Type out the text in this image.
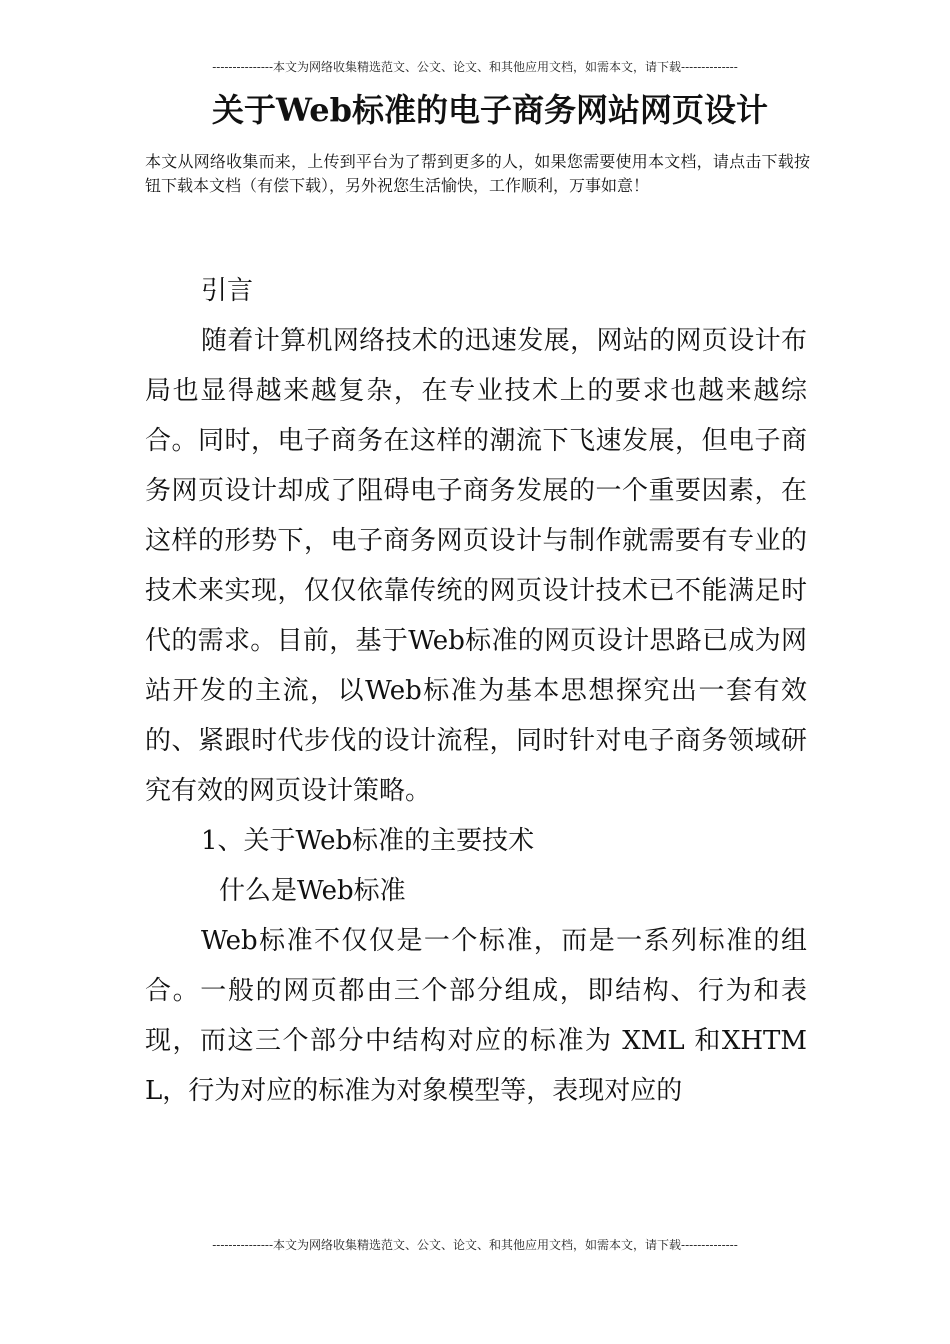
---------------本文为网络收集精选范文、公文、论文、和其他应用文档，如需本文，请下载--------------
关于Web标准的电子商务网站网页设计
本文从网络收集而来，上传到平台为了帮到更多的人，如果您需要使用本文档，请点击下载按钮下载本文档（有偿下载），另外祝您生活愉快，工作顺利，万事如意！

引言

随着计算机网络技术的迅速发展，网站的网页设计布局也显得越来越复杂，在专业技术上的要求也越来越综合。同时，电子商务在这样的潮流下飞速发展，但电子商务网页设计却成了阻碍电子商务发展的一个重要因素，在这样的形势下，电子商务网页设计与制作就需要有专业的技术来实现，仅仅依靠传统的网页设计技术已不能满足时代的需求。目前，基于Web标准的网页设计思路已成为网站开发的主流，以Web标准为基本思想探究出一套有效的、紧跟时代步伐的设计流程，同时针对电子商务领域研究有效的网页设计策略。

1、关于Web标准的主要技术

什么是Web标准

Web标准不仅仅是一个标准，而是一系列标准的组合。一般的网页都由三个部分组成，即结构、行为和表现，而这三个部分中结构对应的标准为 XML 和XHTML，行为对应的标准为对象模型等，表现对应的

---------------本文为网络收集精选范文、公文、论文、和其他应用文档，如需本文，请下载--------------
